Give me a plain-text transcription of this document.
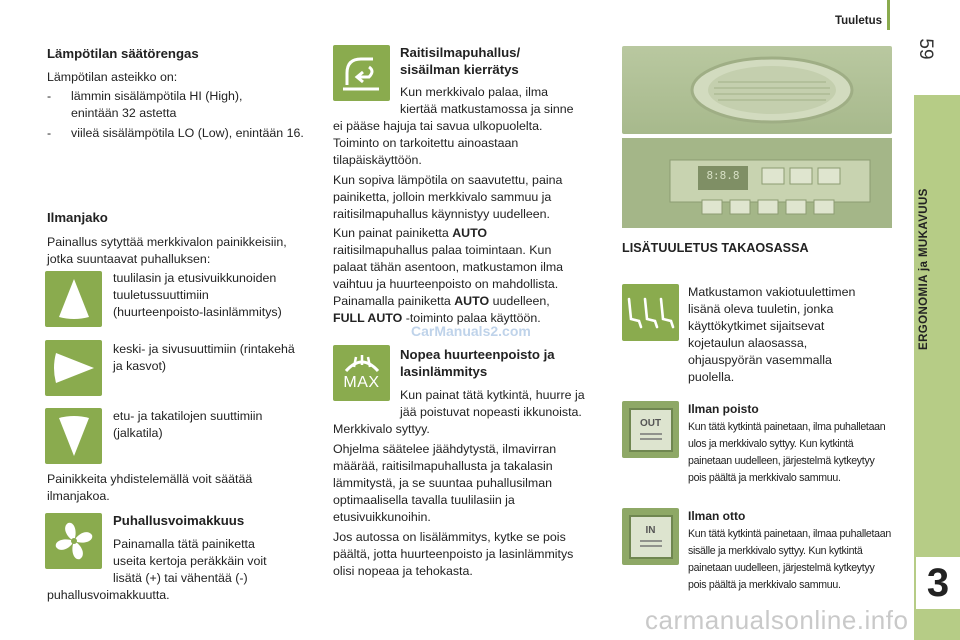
Tuuletus
59
ERGONOMIA ja MUKAVUUS
3
Lämpötilan säätörengas

Lämpötilan asteikko on:

- lämmin sisälämpötila HI (High),

enintään 32 astetta

- viileä sisälämpötila LO (Low), enintään 16.

Ilmanjako

Painallus sytyttää merkkivalon painikkeisiin,

jotka suuntaavat puhalluksen:

tuulilasin ja etusivuikkunoiden

tuuletussuuttimiin

(huurteenpoisto-lasinlämmitys)

keski- ja sivusuuttimiin (rintakehä

ja kasvot)

etu- ja takatilojen suuttimiin

(jalkatila)

Painikkeita yhdistelemällä voit säätää

ilmanjakoa.

Puhallusvoimakkuus

Painamalla tätä painiketta

useita kertoja peräkkäin voit

lisätä (+) tai vähentää (-)

puhallusvoimakkuutta.

Raitisilmapuhallus/
sisäilman kierrätys

Kun merkkivalo palaa, ilma

kiertää matkustamossa ja sinne

ei pääse hajuja tai savua ulkopuolelta.

Toiminto on tarkoitettu ainoastaan

tilapäiskäyttöön.

Kun sopiva lämpötila on saavutettu, paina

painiketta, jolloin merkkivalo sammuu ja

raitisilmapuhallus käynnistyy uudelleen.

Kun painat painiketta AUTO

raitisilmapuhallus palaa toimintaan. Kun

palaat tähän asentoon, matkustamon ilma

vaihtuu ja huurteenpoisto on mahdollista.

Painamalla painiketta AUTO uudelleen,

FULL AUTO -toiminto palaa käyttöön.

CarManuals2.com
MAX
Nopea huurteenpoisto ja
lasinlämmitys

Kun painat tätä kytkintä, huurre ja

jää poistuvat nopeasti ikkunoista.

Merkkivalo syttyy.

Ohjelma säätelee jäähdytystä, ilmavirran

määrää, raitisilmapuhallusta ja takalasin

lämmitystä, ja se suuntaa puhallusilman

optimaalisella tavalla tuulilasiin ja

etusivuikkunoihin.

Jos autossa on lisälämmitys, kytke se pois

päältä, jotta huurteenpoisto ja lasinlämmitys

olisi nopeaa ja tehokasta.

8:8.8
LISÄTUULETUS TAKAOSASSA

Matkustamon vakiotuulettimen

lisänä oleva tuuletin, jonka

käyttökytkimet sijaitsevat

kojetaulun alaosassa,

ohjauspyörän vasemmalla

puolella.

OUT
Ilman poisto
Kun tätä kytkintä painetaan, ilma puhalletaan
ulos ja merkkivalo syttyy. Kun kytkintä
painetaan uudelleen, järjestelmä kytkeytyy
pois päältä ja merkkivalo sammuu.
IN
Ilman otto
Kun tätä kytkintä painetaan, ilmaa puhalletaan
sisälle ja merkkivalo syttyy. Kun kytkintä
painetaan uudelleen, järjestelmä kytkeytyy
pois päältä ja merkkivalo sammuu.
carmanualsonline.info
